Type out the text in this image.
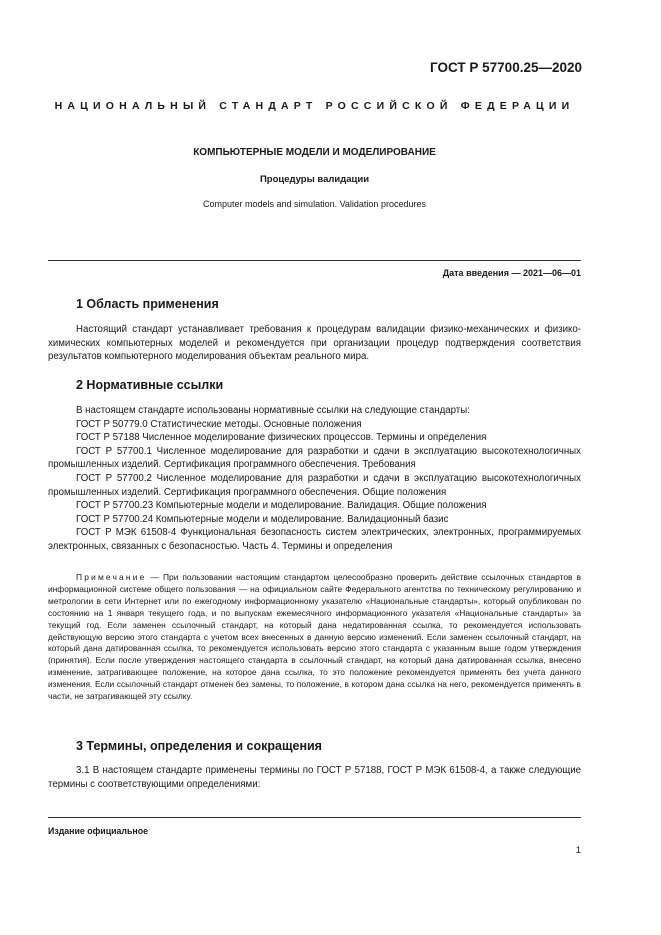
ГОСТ Р 57700.25—2020
НАЦИОНАЛЬНЫЙ СТАНДАРТ РОССИЙСКОЙ ФЕДЕРАЦИИ
КОМПЬЮТЕРНЫЕ МОДЕЛИ И МОДЕЛИРОВАНИЕ
Процедуры валидации
Computer models and simulation. Validation procedures
Дата введения — 2021—06—01
1 Область применения
Настоящий стандарт устанавливает требования к процедурам валидации физико-механических и физико-химических компьютерных моделей и рекомендуется при организации процедур подтверждения соответствия результатов компьютерного моделирования объектам реального мира.
2 Нормативные ссылки
В настоящем стандарте использованы нормативные ссылки на следующие стандарты:
ГОСТ Р 50779.0 Статистические методы. Основные положения
ГОСТ Р 57188 Численное моделирование физических процессов. Термины и определения
ГОСТ Р 57700.1 Численное моделирование для разработки и сдачи в эксплуатацию высокотехнологичных промышленных изделий. Сертификация программного обеспечения. Требования
ГОСТ Р 57700.2 Численное моделирование для разработки и сдачи в эксплуатацию высокотехнологичных промышленных изделий. Сертификация программного обеспечения. Общие положения
ГОСТ Р 57700.23 Компьютерные модели и моделирование. Валидация. Общие положения
ГОСТ Р 57700.24 Компьютерные модели и моделирование. Валидационный базис
ГОСТ Р МЭК 61508-4 Функциональная безопасность систем электрических, электронных, программируемых электронных, связанных с безопасностью. Часть 4. Термины и определения
Примечание — При пользовании настоящим стандартом целесообразно проверить действие ссылочных стандартов в информационной системе общего пользования — на официальном сайте Федерального агентства по техническому регулированию и метрологии в сети Интернет или по ежегодному информационному указателю «Национальные стандарты», который опубликован по состоянию на 1 января текущего года, и по выпускам ежемесячного информационного указателя «Национальные стандарты» за текущий год. Если заменен ссылочный стандарт, на который дана недатированная ссылка, то рекомендуется использовать действующую версию этого стандарта с учетом всех внесенных в данную версию изменений. Если заменен ссылочный стандарт, на который дана датированная ссылка, то рекомендуется использовать версию этого стандарта с указанным выше годом утверждения (принятия). Если после утверждения настоящего стандарта в ссылочный стандарт, на который дана датированная ссылка, внесено изменение, затрагивающее положение, на которое дана ссылка, то это положение рекомендуется применять без учета данного изменения. Если ссылочный стандарт отменен без замены, то положение, в котором дана ссылка на него, рекомендуется применять в части, не затрагивающей эту ссылку.
3 Термины, определения и сокращения
3.1 В настоящем стандарте применены термины по ГОСТ Р 57188, ГОСТ Р МЭК 61508-4, а также следующие термины с соответствующими определениями:
Издание официальное
1
